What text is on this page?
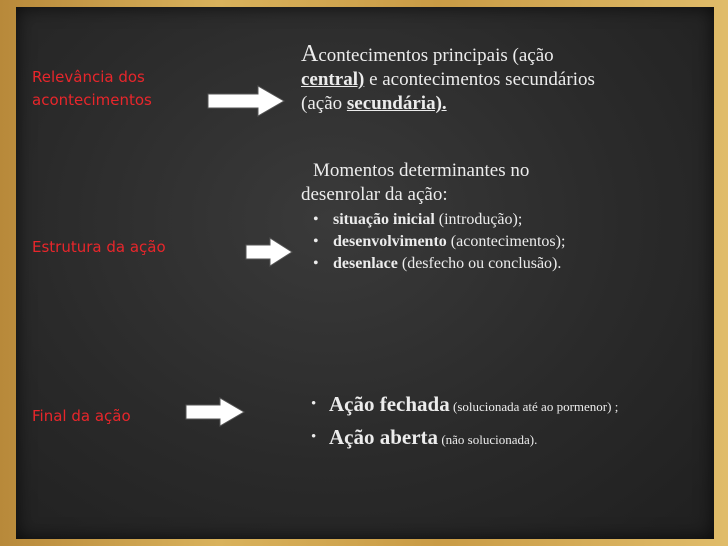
Relevância dos
acontecimentos
Acontecimentos principais (ação
central) e acontecimentos secundários
(ação secundária).
Estrutura da ação
Momentos determinantes no
desenrolar da ação:
• situação inicial (introdução);
• desenvolvimento (acontecimentos);
• desenlace (desfecho ou conclusão).
Final da ação
• Ação fechada (solucionada até ao pormenor) ;
• Ação aberta (não solucionada).
